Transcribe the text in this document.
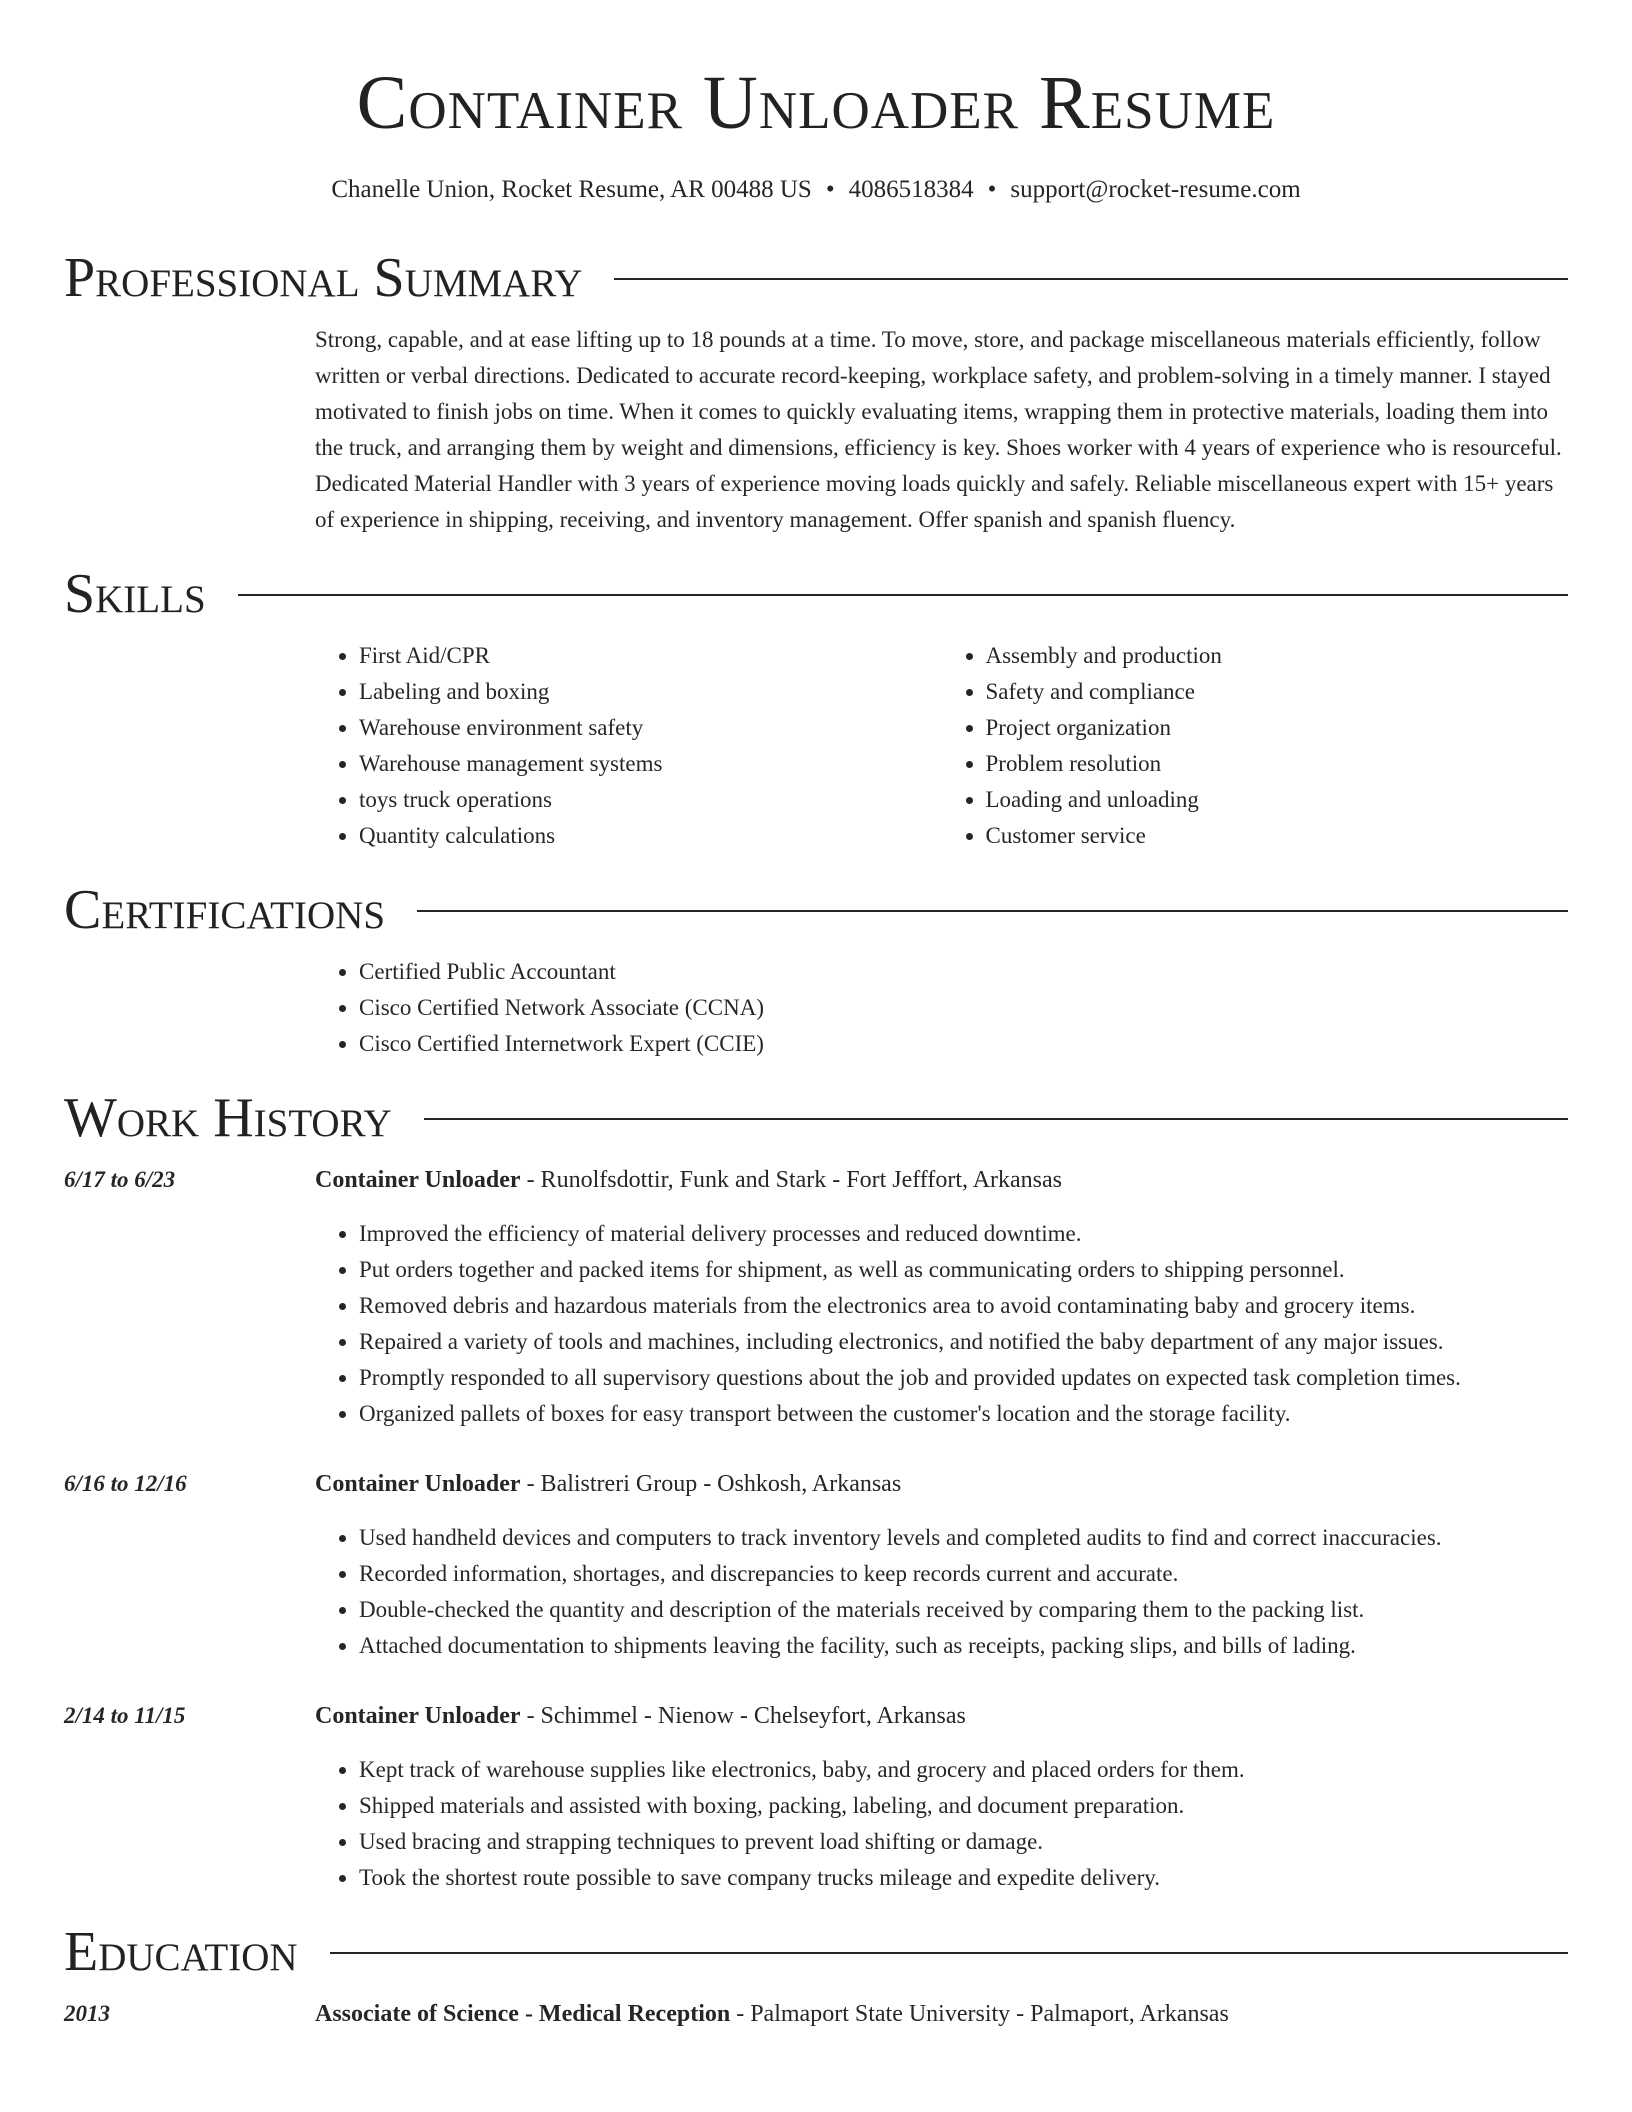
Container Unloader Resume
Chanelle Union, Rocket Resume, AR 00488 US • 4086518384 • support@rocket-resume.com
Professional Summary
Strong, capable, and at ease lifting up to 18 pounds at a time. To move, store, and package miscellaneous materials efficiently, follow written or verbal directions. Dedicated to accurate record-keeping, workplace safety, and problem-solving in a timely manner. I stayed motivated to finish jobs on time. When it comes to quickly evaluating items, wrapping them in protective materials, loading them into the truck, and arranging them by weight and dimensions, efficiency is key. Shoes worker with 4 years of experience who is resourceful. Dedicated Material Handler with 3 years of experience moving loads quickly and safely. Reliable miscellaneous expert with 15+ years of experience in shipping, receiving, and inventory management. Offer spanish and spanish fluency.
Skills
• First Aid/CPR
• Labeling and boxing
• Warehouse environment safety
• Warehouse management systems
• toys truck operations
• Quantity calculations
• Assembly and production
• Safety and compliance
• Project organization
• Problem resolution
• Loading and unloading
• Customer service
Certifications
• Certified Public Accountant
• Cisco Certified Network Associate (CCNA)
• Cisco Certified Internetwork Expert (CCIE)
Work History
6/17 to 6/23	Container Unloader - Runolfsdottir, Funk and Stark - Fort Jefffort, Arkansas
• Improved the efficiency of material delivery processes and reduced downtime.
• Put orders together and packed items for shipment, as well as communicating orders to shipping personnel.
• Removed debris and hazardous materials from the electronics area to avoid contaminating baby and grocery items.
• Repaired a variety of tools and machines, including electronics, and notified the baby department of any major issues.
• Promptly responded to all supervisory questions about the job and provided updates on expected task completion times.
• Organized pallets of boxes for easy transport between the customer's location and the storage facility.
6/16 to 12/16	Container Unloader - Balistreri Group - Oshkosh, Arkansas
• Used handheld devices and computers to track inventory levels and completed audits to find and correct inaccuracies.
• Recorded information, shortages, and discrepancies to keep records current and accurate.
• Double-checked the quantity and description of the materials received by comparing them to the packing list.
• Attached documentation to shipments leaving the facility, such as receipts, packing slips, and bills of lading.
2/14 to 11/15	Container Unloader - Schimmel - Nienow - Chelseyfort, Arkansas
• Kept track of warehouse supplies like electronics, baby, and grocery and placed orders for them.
• Shipped materials and assisted with boxing, packing, labeling, and document preparation.
• Used bracing and strapping techniques to prevent load shifting or damage.
• Took the shortest route possible to save company trucks mileage and expedite delivery.
Education
2013	Associate of Science - Medical Reception - Palmaport State University - Palmaport, Arkansas
